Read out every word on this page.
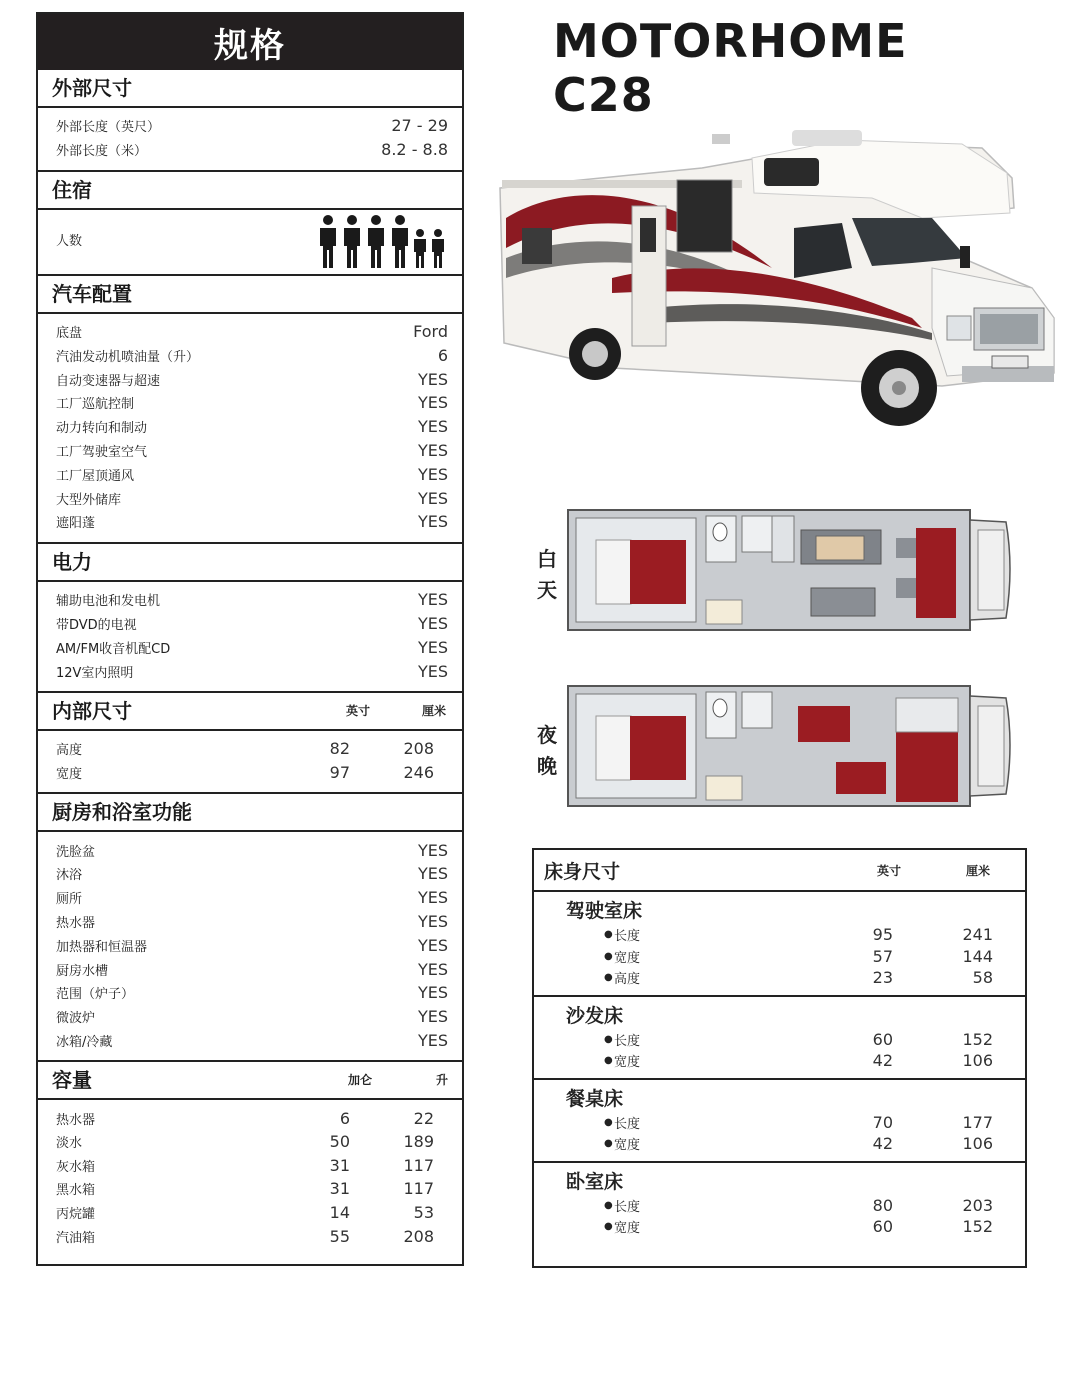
规格
外部尺寸
外部长度（英尺）	27 - 29
外部长度（米）	8.2 - 8.8
住宿
人数
汽车配置
底盘	Ford
汽油发动机喷油量（升）	6
自动变速器与超速	YES
工厂巡航控制	YES
动力转向和制动	YES
工厂驾驶室空气	YES
工厂屋顶通风	YES
大型外储库	YES
遮阳蓬	YES
电力
辅助电池和发电机	YES
带DVD的电视	YES
AM/FM收音机配CD	YES
12V室内照明	YES
内部尺寸	英寸	厘米
高度	82	208
宽度	97	246
厨房和浴室功能
洗脸盆	YES
沐浴	YES
厕所	YES
热水器	YES
加热器和恒温器	YES
厨房水槽	YES
范围（炉子）	YES
微波炉	YES
冰箱/冷藏	YES
容量	加仑	升
热水器	6	22
淡水	50	189
灰水箱	31	117
黑水箱	31	117
丙烷罐	14	53
汽油箱	55	208
MOTORHOME C28
白天
夜晚
床身尺寸	英寸	厘米
驾驶室床
● 长度	95	241
● 宽度	57	144
● 高度	23	58
沙发床
● 长度	60	152
● 宽度	42	106
餐桌床
● 长度	70	177
● 宽度	42	106
卧室床
● 长度	80	203
● 宽度	60	152
